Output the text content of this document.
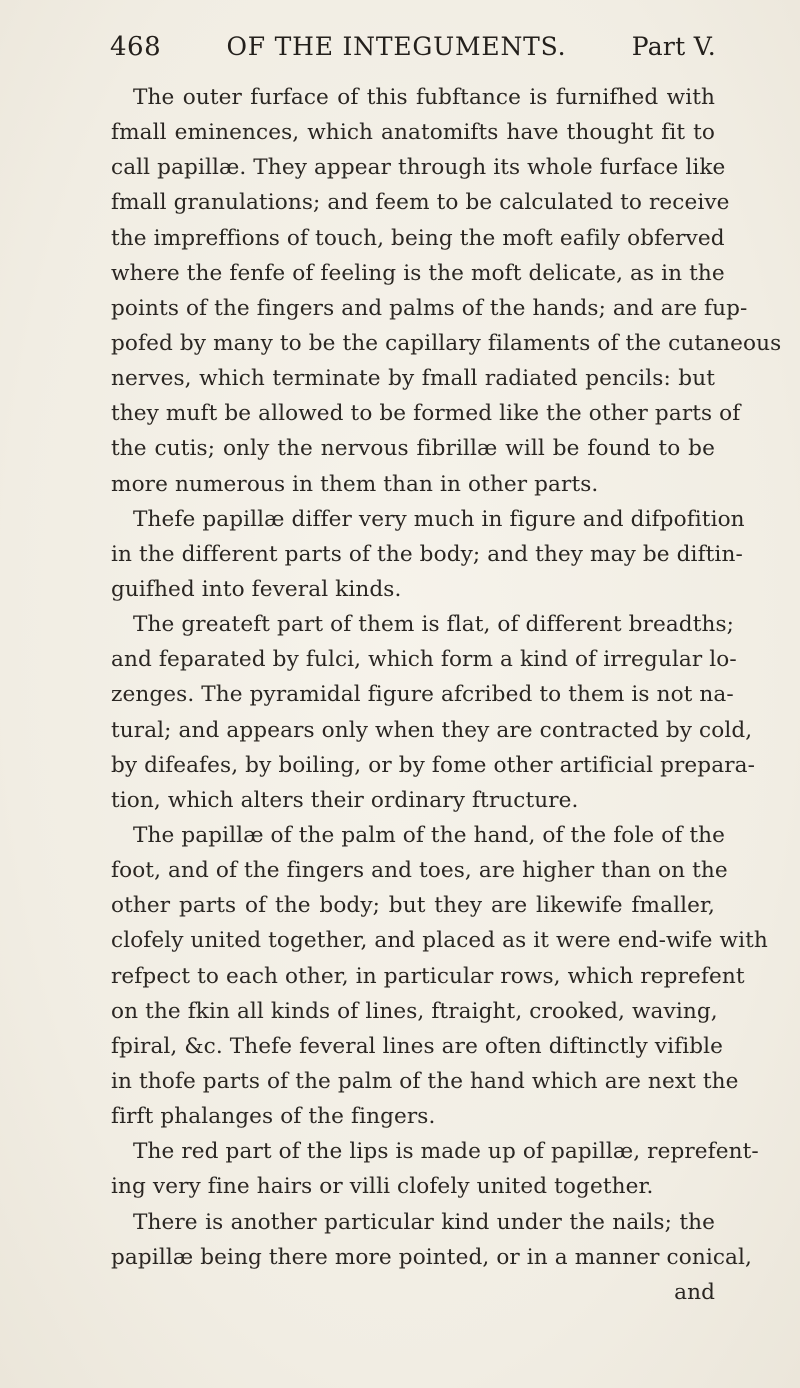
468	OF THE INTEGUMENTS.	Part V.
The outer furface of this fubftance is furnifhed with
fmall eminences, which anatomifts have thought fit to
call papillæ. They appear through its whole furface like
fmall granulations; and feem to be calculated to receive
the impreffions of touch, being the moft eafily obferved
where the fenfe of feeling is the moft delicate, as in the
points of the fingers and palms of the hands; and are fup-
pofed by many to be the capillary filaments of the cutaneous
nerves, which terminate by fmall radiated pencils: but
they muft be allowed to be formed like the other parts of
the cutis; only the nervous fibrillæ will be found to be
more numerous in them than in other parts.
Thefe papillæ differ very much in figure and difpofition
in the different parts of the body; and they may be diftin-
guifhed into feveral kinds.
The greateft part of them is flat, of different breadths;
and feparated by fulci, which form a kind of irregular lo-
zenges. The pyramidal figure afcribed to them is not na-
tural; and appears only when they are contracted by cold,
by difeafes, by boiling, or by fome other artificial prepara-
tion, which alters their ordinary ftructure.
The papillæ of the palm of the hand, of the fole of the
foot, and of the fingers and toes, are higher than on the
other parts of the body; but they are likewife fmaller,
clofely united together, and placed as it were end-wife with
refpect to each other, in particular rows, which reprefent
on the fkin all kinds of lines, ftraight, crooked, waving,
fpiral, &c. Thefe feveral lines are often diftinctly vifible
in thofe parts of the palm of the hand which are next the
firft phalanges of the fingers.
The red part of the lips is made up of papillæ, reprefent-
ing very fine hairs or villi clofely united together.
There is another particular kind under the nails; the
papillæ being there more pointed, or in a manner conical,
and
